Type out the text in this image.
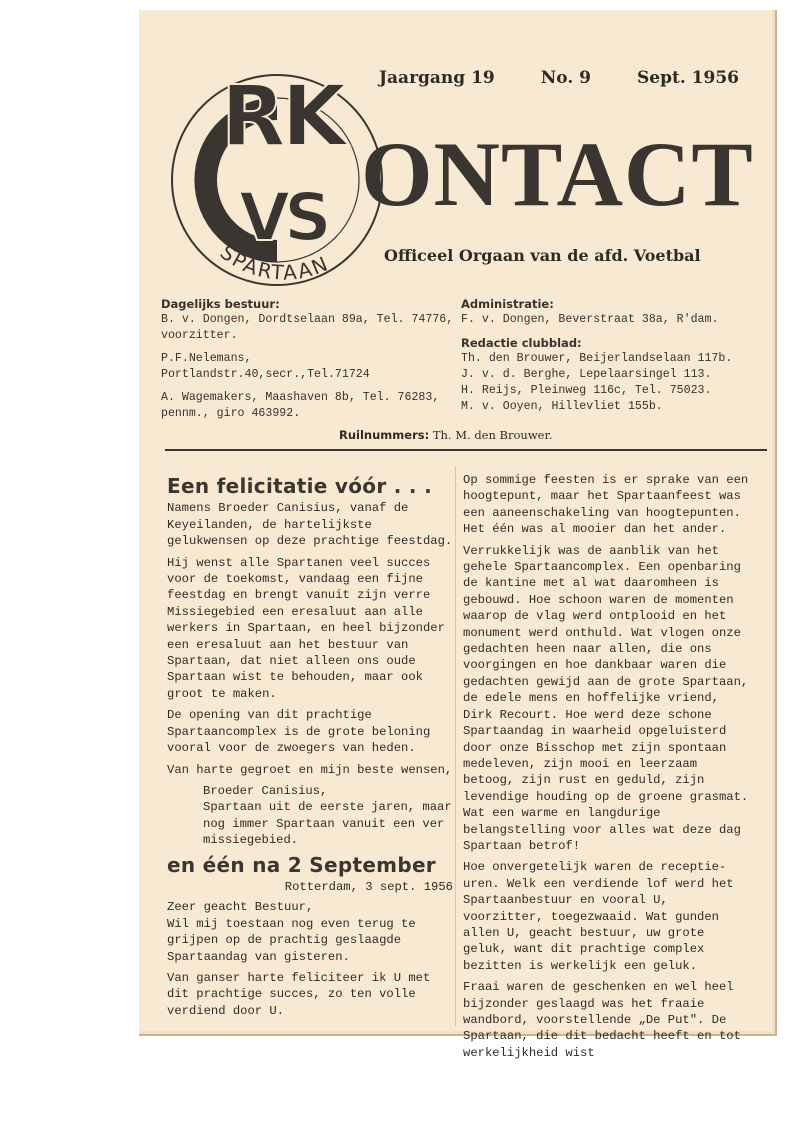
RK
VS
SPARTAAN
Jaargang 19	No. 9	Sept. 1956
ONTACT
Officeel Orgaan van de afd. Voetbal
Dagelijks bestuur:
B. v. Dongen, Dordtselaan 89a, Tel. 74776,
voorzitter.
P.F.Nelemans, Portlandstr.40,secr.,Tel.71724
A. Wagemakers, Maashaven 8b, Tel. 76283,
pennm., giro 463992.
Administratie:
F. v. Dongen, Beverstraat 38a, R'dam.
Redactie clubblad:
Th. den Brouwer, Beijerlandselaan 117b.
J. v. d. Berghe, Lepelaarsingel 113.
H. Reijs, Pleinweg 116c, Tel. 75023.
M. v. Ooyen, Hillevliet 155b.
Ruilnummers: Th. M. den Brouwer.
Een felicitatie vóór . . .

Namens Broeder Canisius, vanaf de Keyeilanden, de hartelijkste gelukwensen op deze prachtige feestdag.

Hij wenst alle Spartanen veel succes voor de toekomst, vandaag een fijne feestdag en brengt vanuit zijn verre Missiegebied een eresaluut aan alle werkers in Spartaan, en heel bijzonder een eresaluut aan het bestuur van Spartaan, dat niet alleen ons oude Spartaan wist te behouden, maar ook groot te maken.

De opening van dit prachtige Spartaancomplex is de grote beloning vooral voor de zwoegers van heden.

Van harte gegroet en mijn beste wensen,

Broeder Canisius,

Spartaan uit de eerste jaren, maar nog immer Spartaan vanuit een ver missiegebied.

en één na 2 September

Rotterdam, 3 sept. 1956

Zeer geacht Bestuur,

Wil mij toestaan nog even terug te grijpen op de prachtig geslaagde Spartaandag van gisteren.

Van ganser harte feliciteer ik U met dit prachtige succes, zo ten volle verdiend door U.

Op sommige feesten is er sprake van een hoogtepunt, maar het Spartaanfeest was een aaneenschakeling van hoogtepunten. Het één was al mooier dan het ander.

Verrukkelijk was de aanblik van het gehele Spartaancomplex. Een openbaring de kantine met al wat daaromheen is gebouwd. Hoe schoon waren de momenten waarop de vlag werd ontplooid en het monument werd onthuld. Wat vlogen onze gedachten heen naar allen, die ons voorgingen en hoe dankbaar waren die gedachten gewijd aan de grote Spartaan, de edele mens en hoffelijke vriend, Dirk Recourt. Hoe werd deze schone Spartaandag in waarheid opgeluisterd door onze Bisschop met zijn spontaan medeleven, zijn mooi en leerzaam betoog, zijn rust en geduld, zijn levendige houding op de groene grasmat. Wat een warme en langdurige belangstelling voor alles wat deze dag Spartaan betrof!

Hoe onvergetelijk waren de receptie-uren. Welk een verdiende lof werd het Spartaanbestuur en vooral U, voorzitter, toegezwaaid. Wat gunden allen U, geacht bestuur, uw grote geluk, want dit prachtige complex bezitten is werkelijk een geluk.

Fraai waren de geschenken en wel heel bijzonder geslaagd was het fraaie wandbord, voorstellende „De Put". De Spartaan, die dit bedacht heeft en tot werkelijkheid wist
